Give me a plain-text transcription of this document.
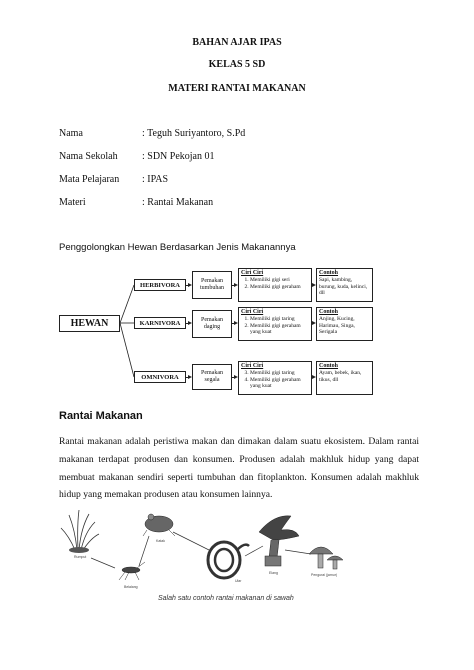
BAHAN AJAR IPAS
KELAS 5 SD
MATERI RANTAI MAKANAN
Nama	: Teguh Suriyantoro, S.Pd
Nama Sekolah : SDN Pekojan 01
Mata Pelajaran : IPAS
Materi	: Rantai Makanan
Penggolongkan Hewan Berdasarkan Jenis Makanannya
HEWAN
HERBIVORA
Pemakan tumbuhan
Ciri Ciri
1. Memiliki gigi seri
2. Memiliki gigi geraham
Contoh
Sapi, kambing, burung, kuda, kelinci, dll
KARNIVORA	Pemakan daging
Ciri Ciri
1. Memiliki gigi taring
2. Memiliki gigi geraham yang kuat
Contoh
Anjing, Kucing, Harimau, Singa, Serigala
OMNIVORA
Pemakan segala
Ciri Ciri
3. Memiliki gigi taring
4. Memiliki gigi geraham yang kuat
Contoh
Ayam, bebek, ikan, tikus, dll
Rantai Makanan
Rantai makanan adalah peristiwa makan dan dimakan dalam suatu ekosistem. Dalam rantai makanan terdapat produsen dan konsumen. Produsen adalah makhluk hidup yang dapat membuat makanan sendiri seperti tumbuhan dan fitoplankton. Konsumen adalah makhluk hidup yang memakan produsen atau konsumen lainnya.
Rumput
Belalang
Katak
Ular
Elang	Pengurai (jamur)
Salah satu contoh rantai makanan di sawah
